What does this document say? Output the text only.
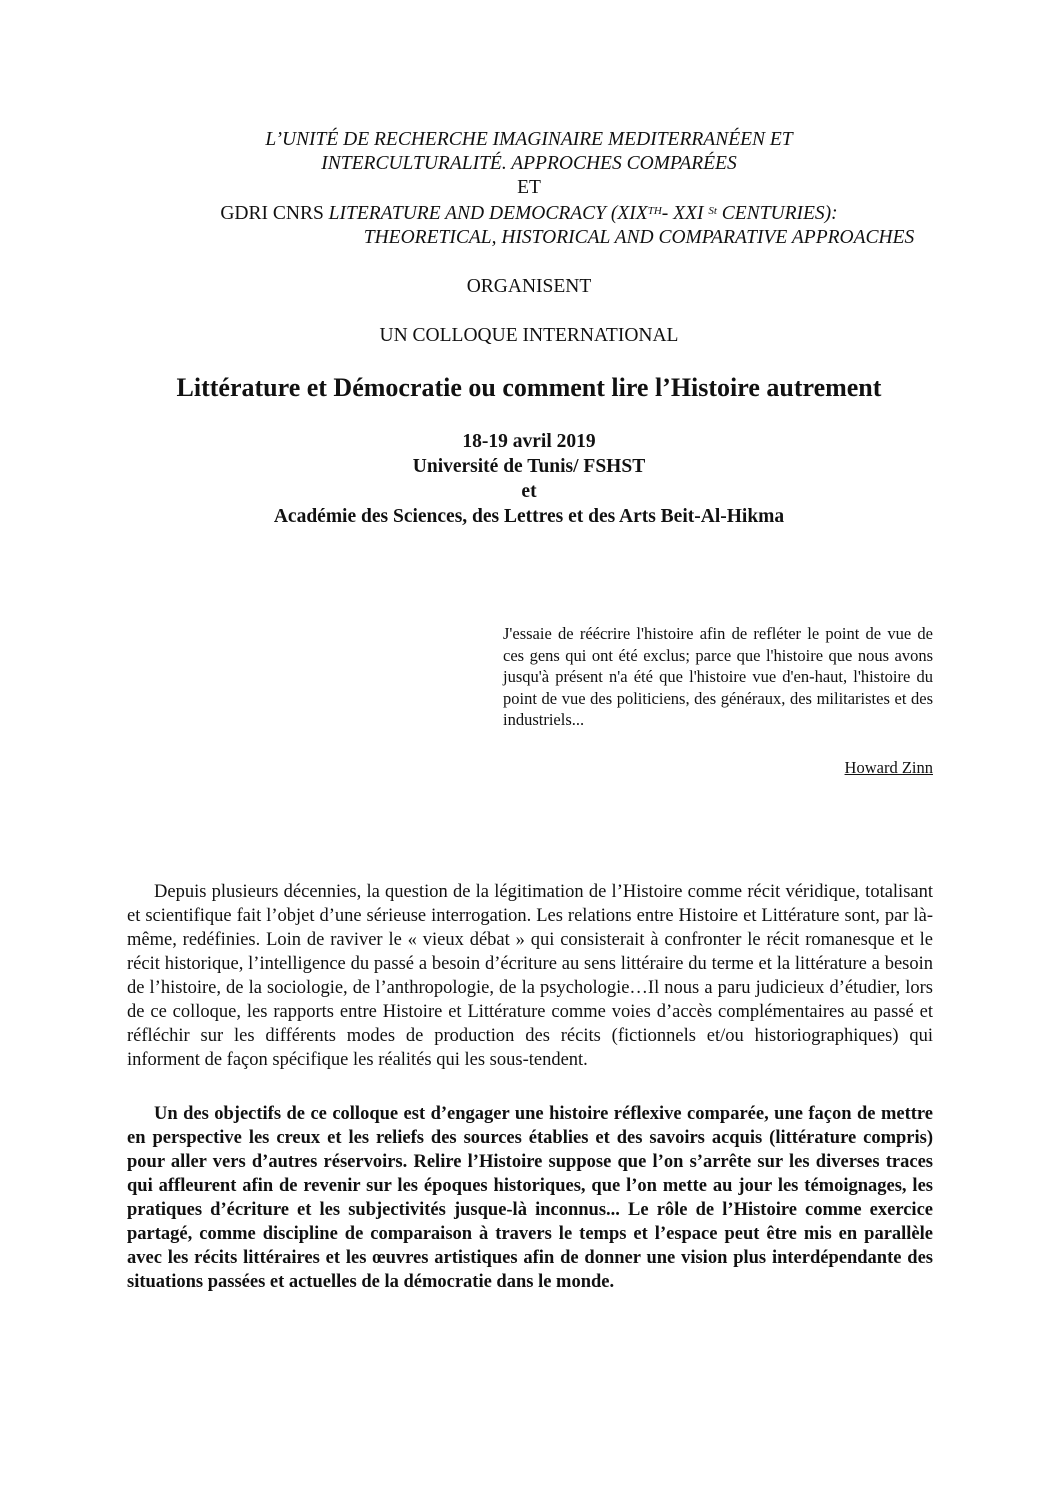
L’UNITÉ DE RECHERCHE IMAGINAIRE MEDITERRANÉEN ET
INTERCULTURALITÉ. APPROCHES COMPARÉES
ET
GDRI CNRS LITERATURE AND DEMOCRACY (XIXTH- XXI $^{St}$ CENTURIES):
THEORETICAL, HISTORICAL AND COMPARATIVE APPROACHES
ORGANISENT
UN COLLOQUE INTERNATIONAL
Littérature et Démocratie ou comment lire l’Histoire autrement
18-19 avril 2019
Université de Tunis/ FSHST
et
Académie des Sciences, des Lettres et des Arts Beit-Al-Hikma
J'essaie de réécrire l'histoire afin de refléter le point de vue de ces gens qui ont été exclus; parce que l'histoire que nous avons jusqu'à présent n'a été que l'histoire vue d'en-haut, l'histoire du point de vue des politiciens, des généraux, des militaristes et des industriels...
Howard Zinn
Depuis plusieurs décennies, la question de la légitimation de l’Histoire comme récit véridique, totalisant et scientifique fait l’objet d’une sérieuse interrogation. Les relations entre Histoire et Littérature sont, par là-même, redéfinies. Loin de raviver le « vieux débat » qui consisterait à confronter le récit romanesque et le récit historique, l’intelligence du passé a besoin d’écriture au sens littéraire du terme et la littérature a besoin de l’histoire, de la sociologie, de l’anthropologie, de la psychologie…Il nous a paru judicieux d’étudier, lors de ce colloque, les rapports entre Histoire et Littérature comme voies d’accès complémentaires au passé et réfléchir sur les différents modes de production des récits (fictionnels et/ou historiographiques) qui informent de façon spécifique les réalités qui les sous-tendent.
Un des objectifs de ce colloque est d’engager une histoire réflexive comparée, une façon de mettre en perspective les creux et les reliefs des sources établies et des savoirs acquis (littérature compris) pour aller vers d’autres réservoirs. Relire l’Histoire suppose que l’on s’arrête sur les diverses traces qui affleurent afin de revenir sur les époques historiques, que l’on mette au jour les témoignages, les pratiques d’écriture et les subjectivités jusque-là inconnus... Le rôle de l’Histoire comme exercice partagé, comme discipline de comparaison à travers le temps et l’espace peut être mis en parallèle avec les récits littéraires et les œuvres artistiques afin de donner une vision plus interdépendante des situations passées et actuelles de la démocratie dans le monde.
